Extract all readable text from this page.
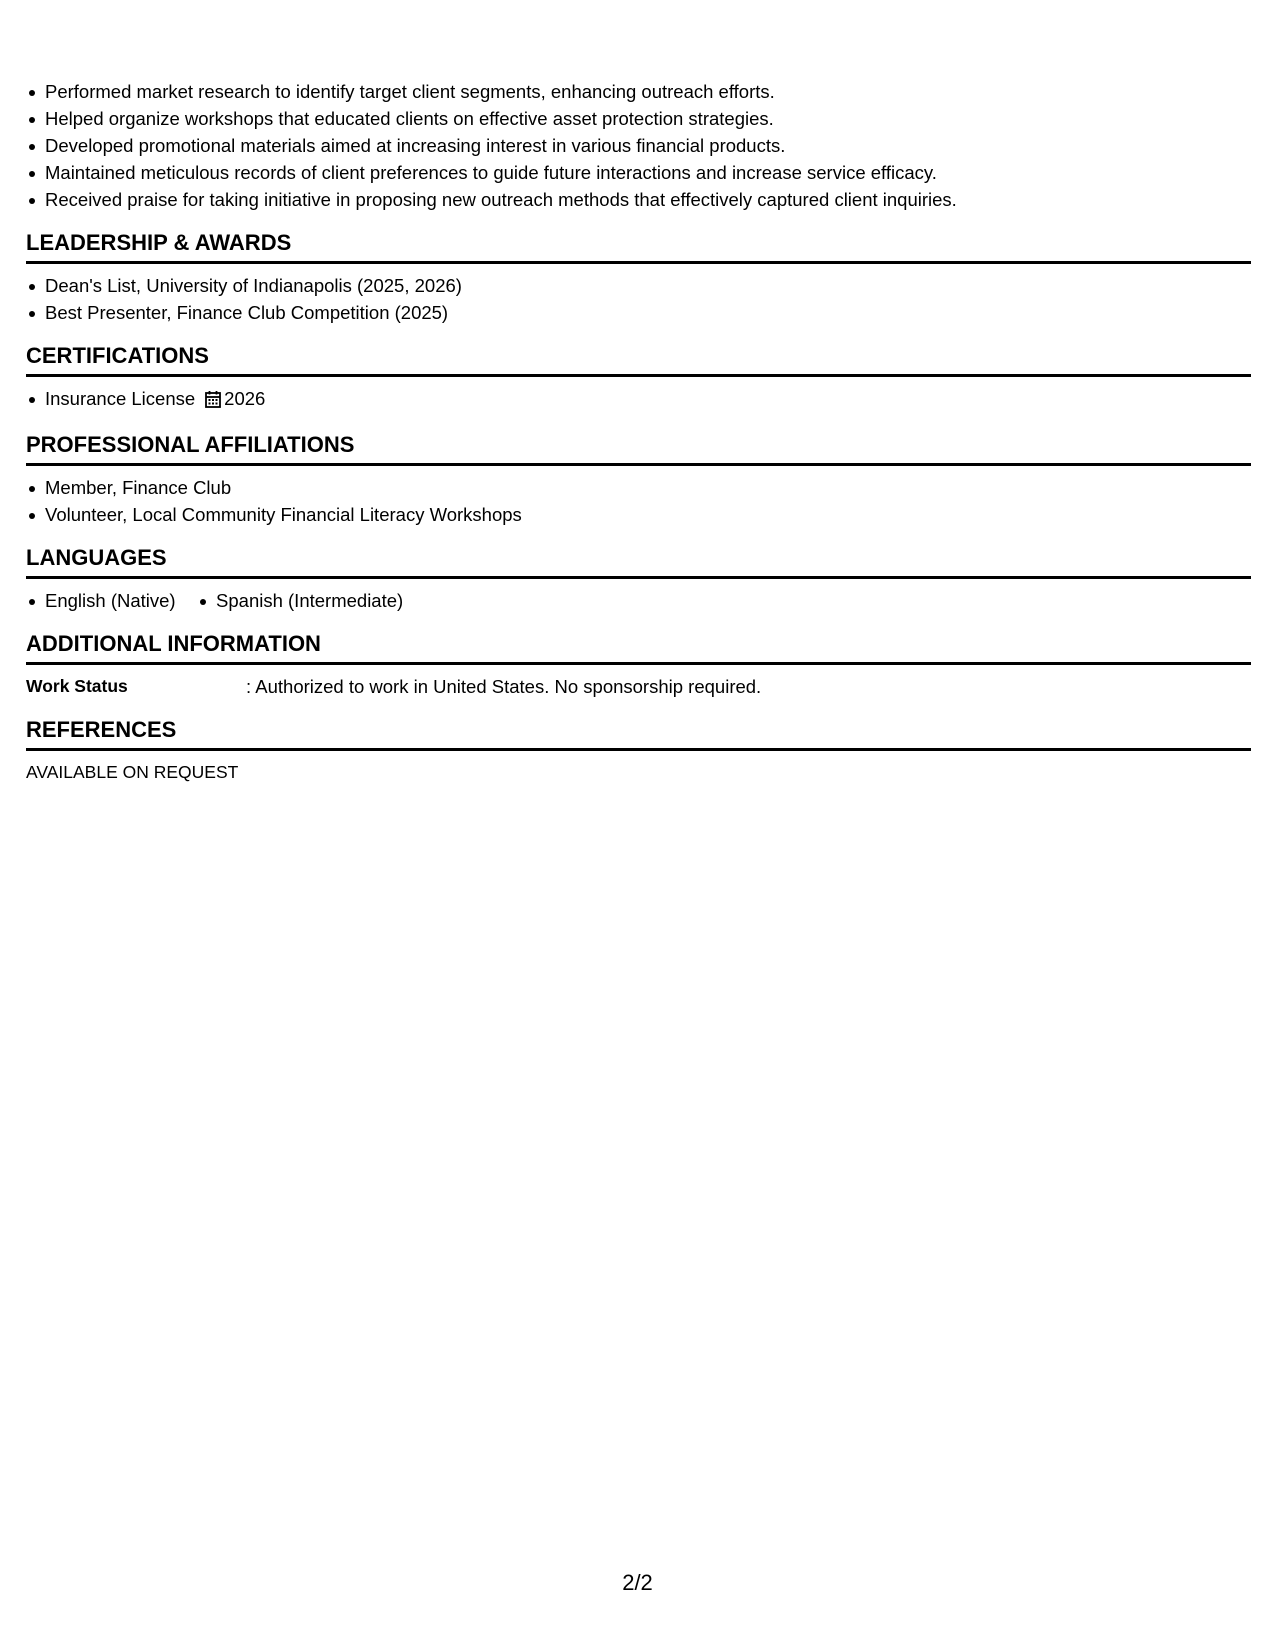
Performed market research to identify target client segments, enhancing outreach efforts.
Helped organize workshops that educated clients on effective asset protection strategies.
Developed promotional materials aimed at increasing interest in various financial products.
Maintained meticulous records of client preferences to guide future interactions and increase service efficacy.
Received praise for taking initiative in proposing new outreach methods that effectively captured client inquiries.
LEADERSHIP & AWARDS
Dean's List, University of Indianapolis (2025, 2026)
Best Presenter, Finance Club Competition (2025)
CERTIFICATIONS
Insurance License 2026
PROFESSIONAL AFFILIATIONS
Member, Finance Club
Volunteer, Local Community Financial Literacy Workshops
LANGUAGES
English (Native) Spanish (Intermediate)
ADDITIONAL INFORMATION
Work Status	: Authorized to work in United States. No sponsorship required.
REFERENCES
AVAILABLE ON REQUEST
2/2
